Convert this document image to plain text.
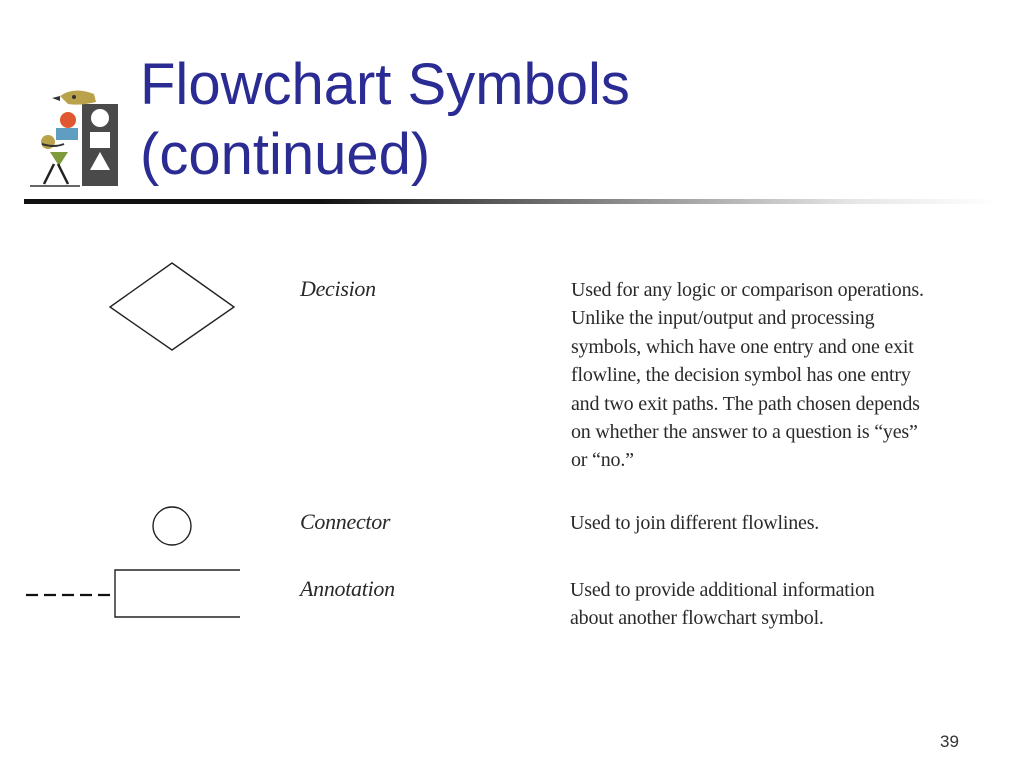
Flowchart Symbols
(continued)
Decision	Used for any logic or comparison operations.
Unlike the input/output and processing
symbols, which have one entry and one exit
flowline, the decision symbol has one entry
and two exit paths. The path chosen depends
on whether the answer to a question is “yes”
or “no.”
Connector	Used to join different flowlines.
Annotation	Used to provide additional information
about another flowchart symbol.
39
